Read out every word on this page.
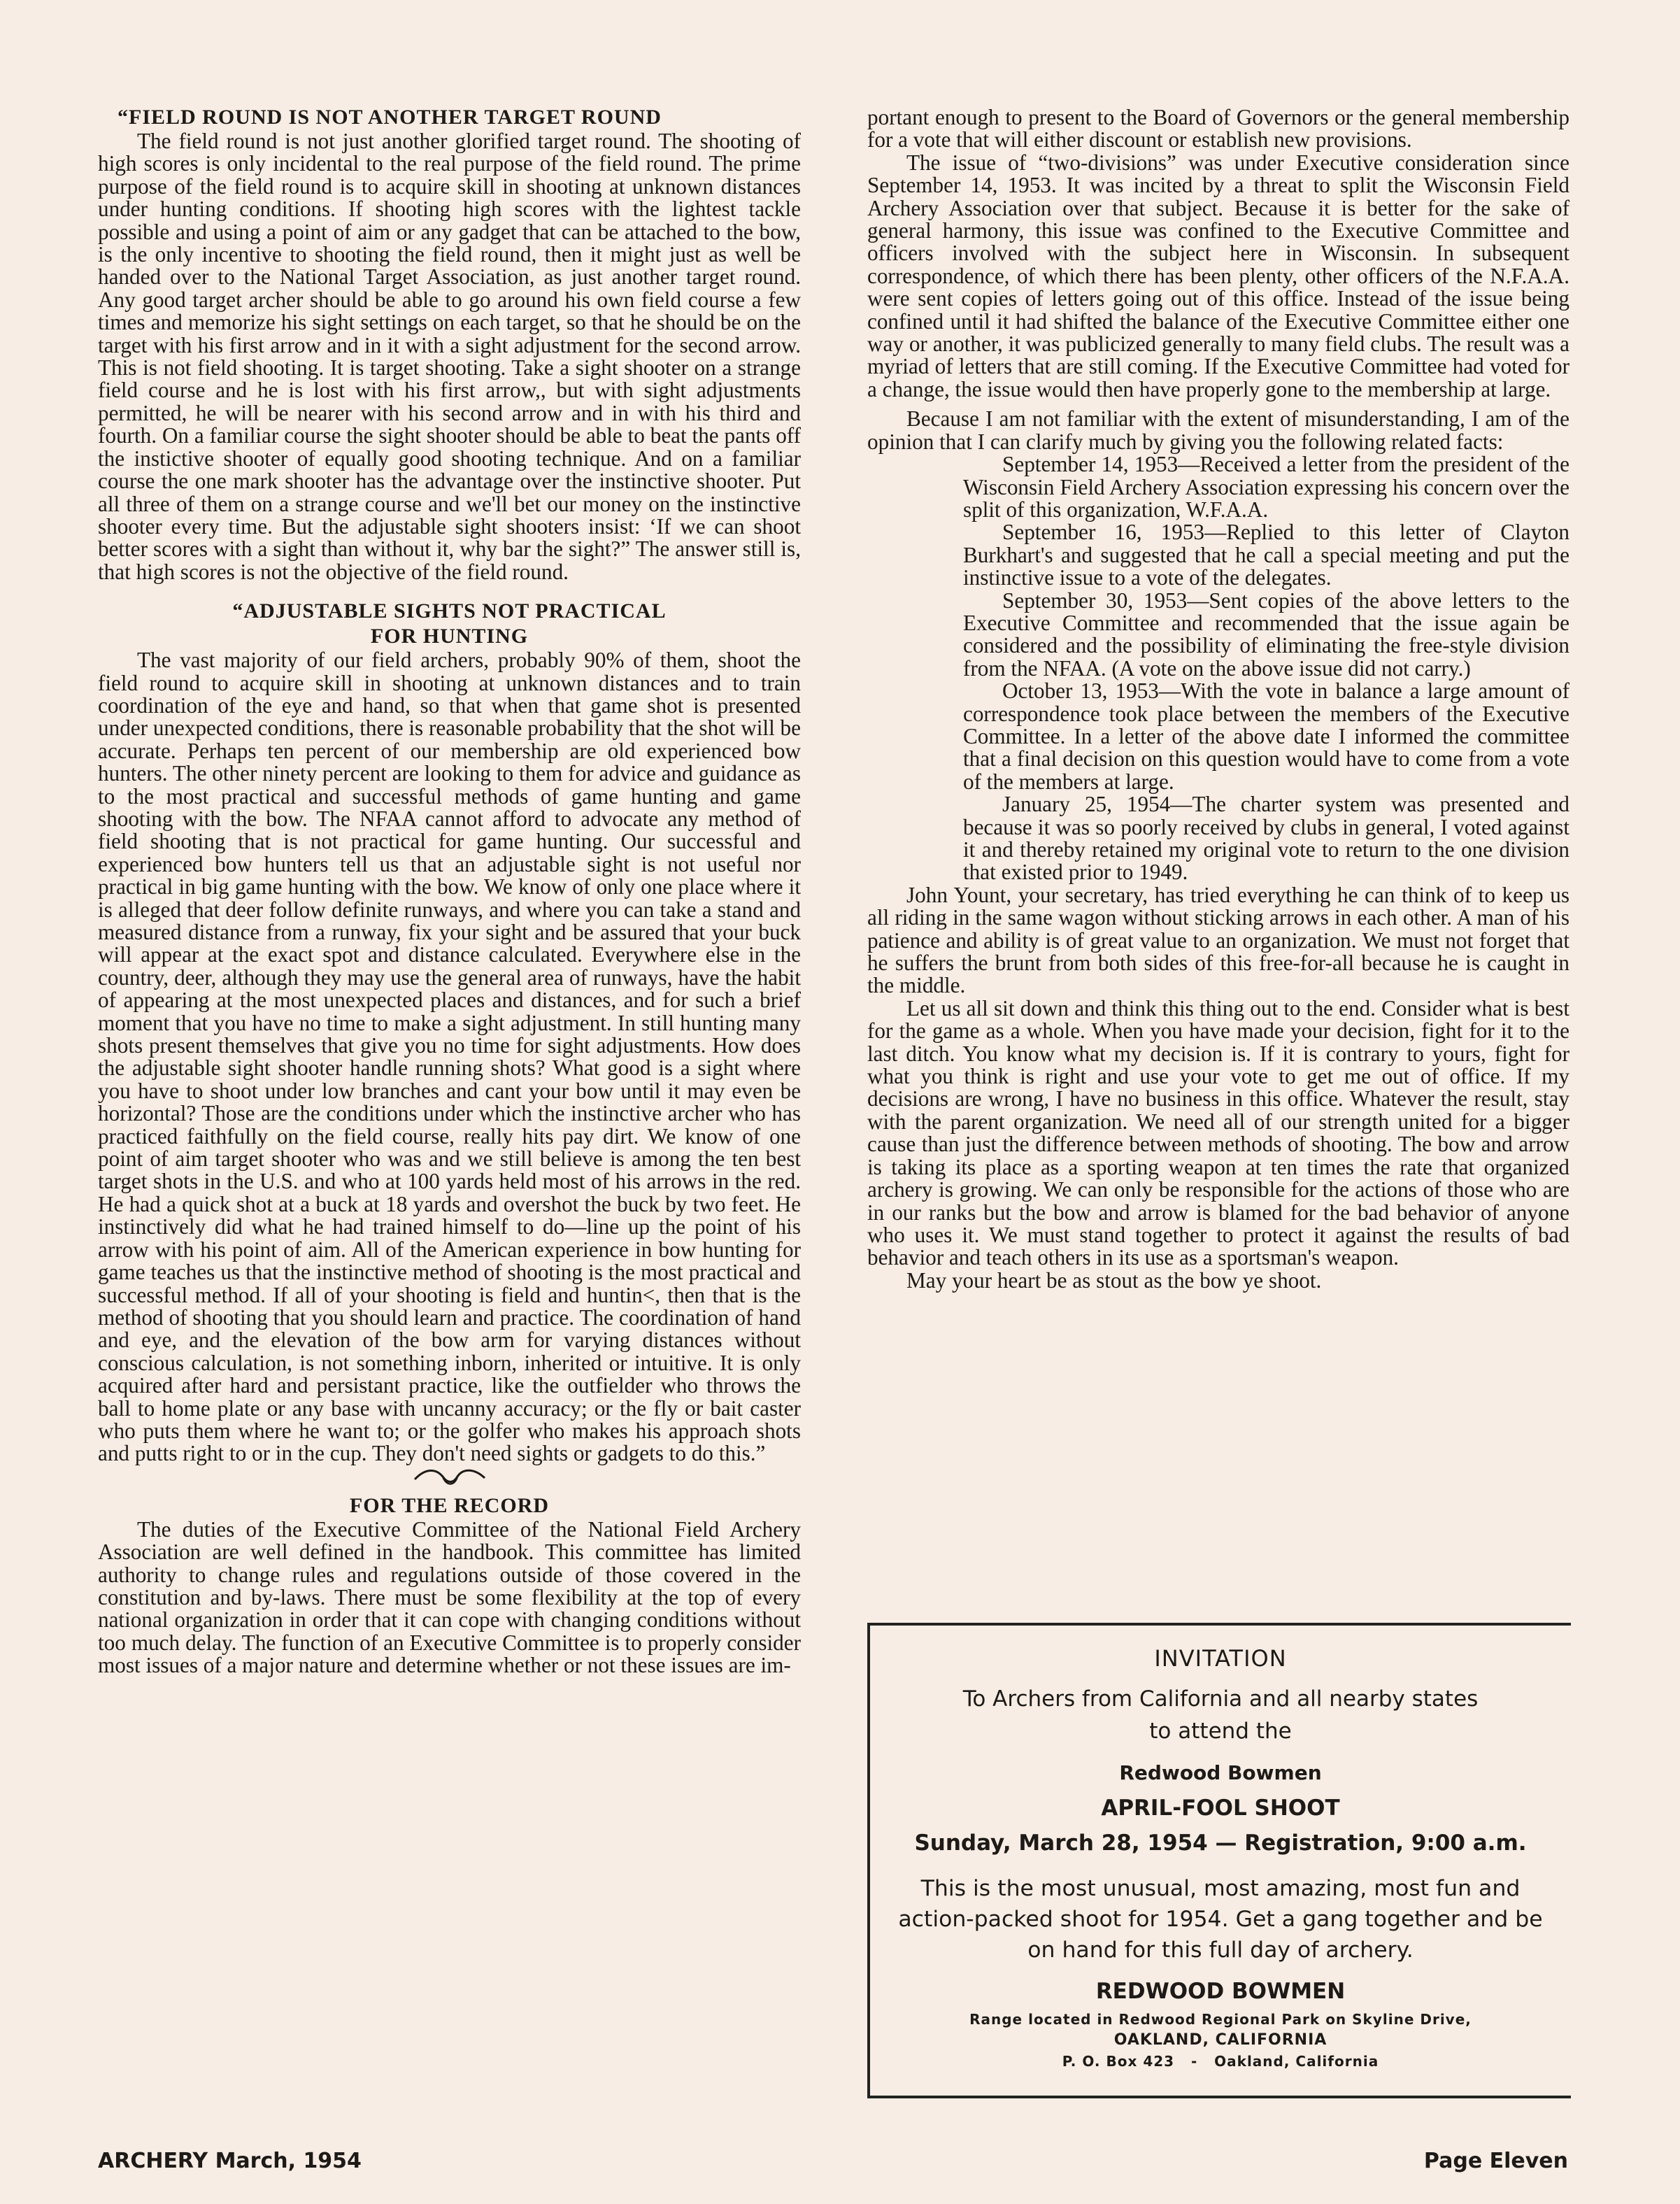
“FIELD ROUND IS NOT ANOTHER TARGET ROUND

The field round is not just another glorified target round. The shooting of high scores is only incidental to the real purpose of the field round. The prime purpose of the field round is to acquire skill in shooting at unknown distances under hunting conditions. If shooting high scores with the lightest tackle possible and using a point of aim or any gadget that can be attached to the bow, is the only incentive to shooting the field round, then it might just as well be handed over to the National Target Association, as just another target round. Any good target archer should be able to go around his own field course a few times and memorize his sight settings on each target, so that he should be on the target with his first arrow and in it with a sight adjustment for the second arrow. This is not field shooting. It is target shooting. Take a sight shooter on a strange field course and he is lost with his first arrow,, but with sight adjustments permitted, he will be nearer with his second arrow and in with his third and fourth. On a familiar course the sight shooter should be able to beat the pants off the instictive shooter of equally good shooting technique. And on a familiar course the one mark shooter has the advantage over the instinctive shooter. Put all three of them on a strange course and we'll bet our money on the instinctive shooter every time. But the adjustable sight shooters insist: ‘If we can shoot better scores with a sight than without it, why bar the sight?” The answer still is, that high scores is not the objective of the field round.

“ADJUSTABLE SIGHTS NOT PRACTICAL
FOR HUNTING

The vast majority of our field archers, probably 90% of them, shoot the field round to acquire skill in shooting at unknown distances and to train coordination of the eye and hand, so that when that game shot is presented under unexpected conditions, there is reasonable probability that the shot will be accurate. Perhaps ten percent of our membership are old experienced bow hunters. The other ninety percent are looking to them for advice and guidance as to the most practical and successful methods of game hunting and game shooting with the bow. The NFAA cannot afford to advocate any method of field shooting that is not practical for game hunting. Our successful and experienced bow hunters tell us that an adjustable sight is not useful nor practical in big game hunting with the bow. We know of only one place where it is alleged that deer follow definite runways, and where you can take a stand and measured distance from a runway, fix your sight and be assured that your buck will appear at the exact spot and distance calculated. Everywhere else in the country, deer, although they may use the general area of runways, have the habit of appearing at the most unexpected places and distances, and for such a brief moment that you have no time to make a sight adjustment. In still hunting many shots present themselves that give you no time for sight adjustments. How does the adjustable sight shooter handle running shots? What good is a sight where you have to shoot under low branches and cant your bow until it may even be horizontal? Those are the conditions under which the instinctive archer who has practiced faithfully on the field course, really hits pay dirt. We know of one point of aim target shooter who was and we still believe is among the ten best target shots in the U.S. and who at 100 yards held most of his arrows in the red. He had a quick shot at a buck at 18 yards and overshot the buck by two feet. He instinctively did what he had trained himself to do—line up the point of his arrow with his point of aim. All of the American experience in bow hunting for game teaches us that the instinctive method of shooting is the most practical and successful method. If all of your shooting is field and huntin<, then that is the method of shooting that you should learn and practice. The coordination of hand and eye, and the elevation of the bow arm for varying distances without conscious calculation, is not something inborn, inherited or intuitive. It is only acquired after hard and persistant practice, like the outfielder who throws the ball to home plate or any base with uncanny accuracy; or the fly or bait caster who puts them where he want to; or the golfer who makes his approach shots and putts right to or in the cup. They don't need sights or gadgets to do this.”

FOR THE RECORD

The duties of the Executive Committee of the National Field Archery Association are well defined in the handbook. This committee has limited authority to change rules and regulations outside of those covered in the constitution and by-laws. There must be some flexibility at the top of every national organization in order that it can cope with changing conditions without too much delay. The function of an Executive Committee is to properly consider most issues of a major nature and determine whether or not these issues are im-

portant enough to present to the Board of Governors or the general membership for a vote that will either discount or establish new provisions.

The issue of “two-divisions” was under Executive consideration since September 14, 1953. It was incited by a threat to split the Wisconsin Field Archery Association over that subject. Because it is better for the sake of general harmony, this issue was confined to the Executive Committee and officers involved with the subject here in Wisconsin. In subsequent correspondence, of which there has been plenty, other officers of the N.F.A.A. were sent copies of letters going out of this office. Instead of the issue being confined until it had shifted the balance of the Executive Committee either one way or another, it was publicized generally to many field clubs. The result was a myriad of letters that are still coming. If the Executive Committee had voted for a change, the issue would then have properly gone to the membership at large.

Because I am not familiar with the extent of misunderstanding, I am of the opinion that I can clarify much by giving you the following related facts:

September 14, 1953—Received a letter from the president of the Wisconsin Field Archery Association expressing his concern over the split of this organization, W.F.A.A.

September 16, 1953—Replied to this letter of Clayton Burkhart's and suggested that he call a special meeting and put the instinctive issue to a vote of the delegates.

September 30, 1953—Sent copies of the above letters to the Executive Committee and recommended that the issue again be considered and the possibility of eliminating the free-style division from the NFAA. (A vote on the above issue did not carry.)

October 13, 1953—With the vote in balance a large amount of correspondence took place between the members of the Executive Committee. In a letter of the above date I informed the committee that a final decision on this question would have to come from a vote of the members at large.

January 25, 1954—The charter system was presented and because it was so poorly received by clubs in general, I voted against it and thereby retained my original vote to return to the one division that existed prior to 1949.

John Yount, your secretary, has tried everything he can think of to keep us all riding in the same wagon without sticking arrows in each other. A man of his patience and ability is of great value to an organization. We must not forget that he suffers the brunt from both sides of this free-for-all because he is caught in the middle.

Let us all sit down and think this thing out to the end. Consider what is best for the game as a whole. When you have made your decision, fight for it to the last ditch. You know what my decision is. If it is contrary to yours, fight for what you think is right and use your vote to get me out of office. If my decisions are wrong, I have no business in this office. Whatever the result, stay with the parent organization. We need all of our strength united for a bigger cause than just the difference between methods of shooting. The bow and arrow is taking its place as a sporting weapon at ten times the rate that organized archery is growing. We can only be responsible for the actions of those who are in our ranks but the bow and arrow is blamed for the bad behavior of anyone who uses it. We must stand together to protect it against the results of bad behavior and teach others in its use as a sportsman's weapon.

May your heart be as stout as the bow ye shoot.

INVITATION
To Archers from California and all nearby states
to attend the
Redwood Bowmen
APRIL-FOOL SHOOT
Sunday, March 28, 1954 — Registration, 9:00 a.m.
This is the most unusual, most amazing, most fun and action-packed shoot for 1954. Get a gang together and be on hand for this full day of archery.
REDWOOD BOWMEN
Range located in Redwood Regional Park on Skyline Drive,
OAKLAND, CALIFORNIA
P. O. Box 423   -   Oakland, California
ARCHERY March, 1954	Page Eleven
